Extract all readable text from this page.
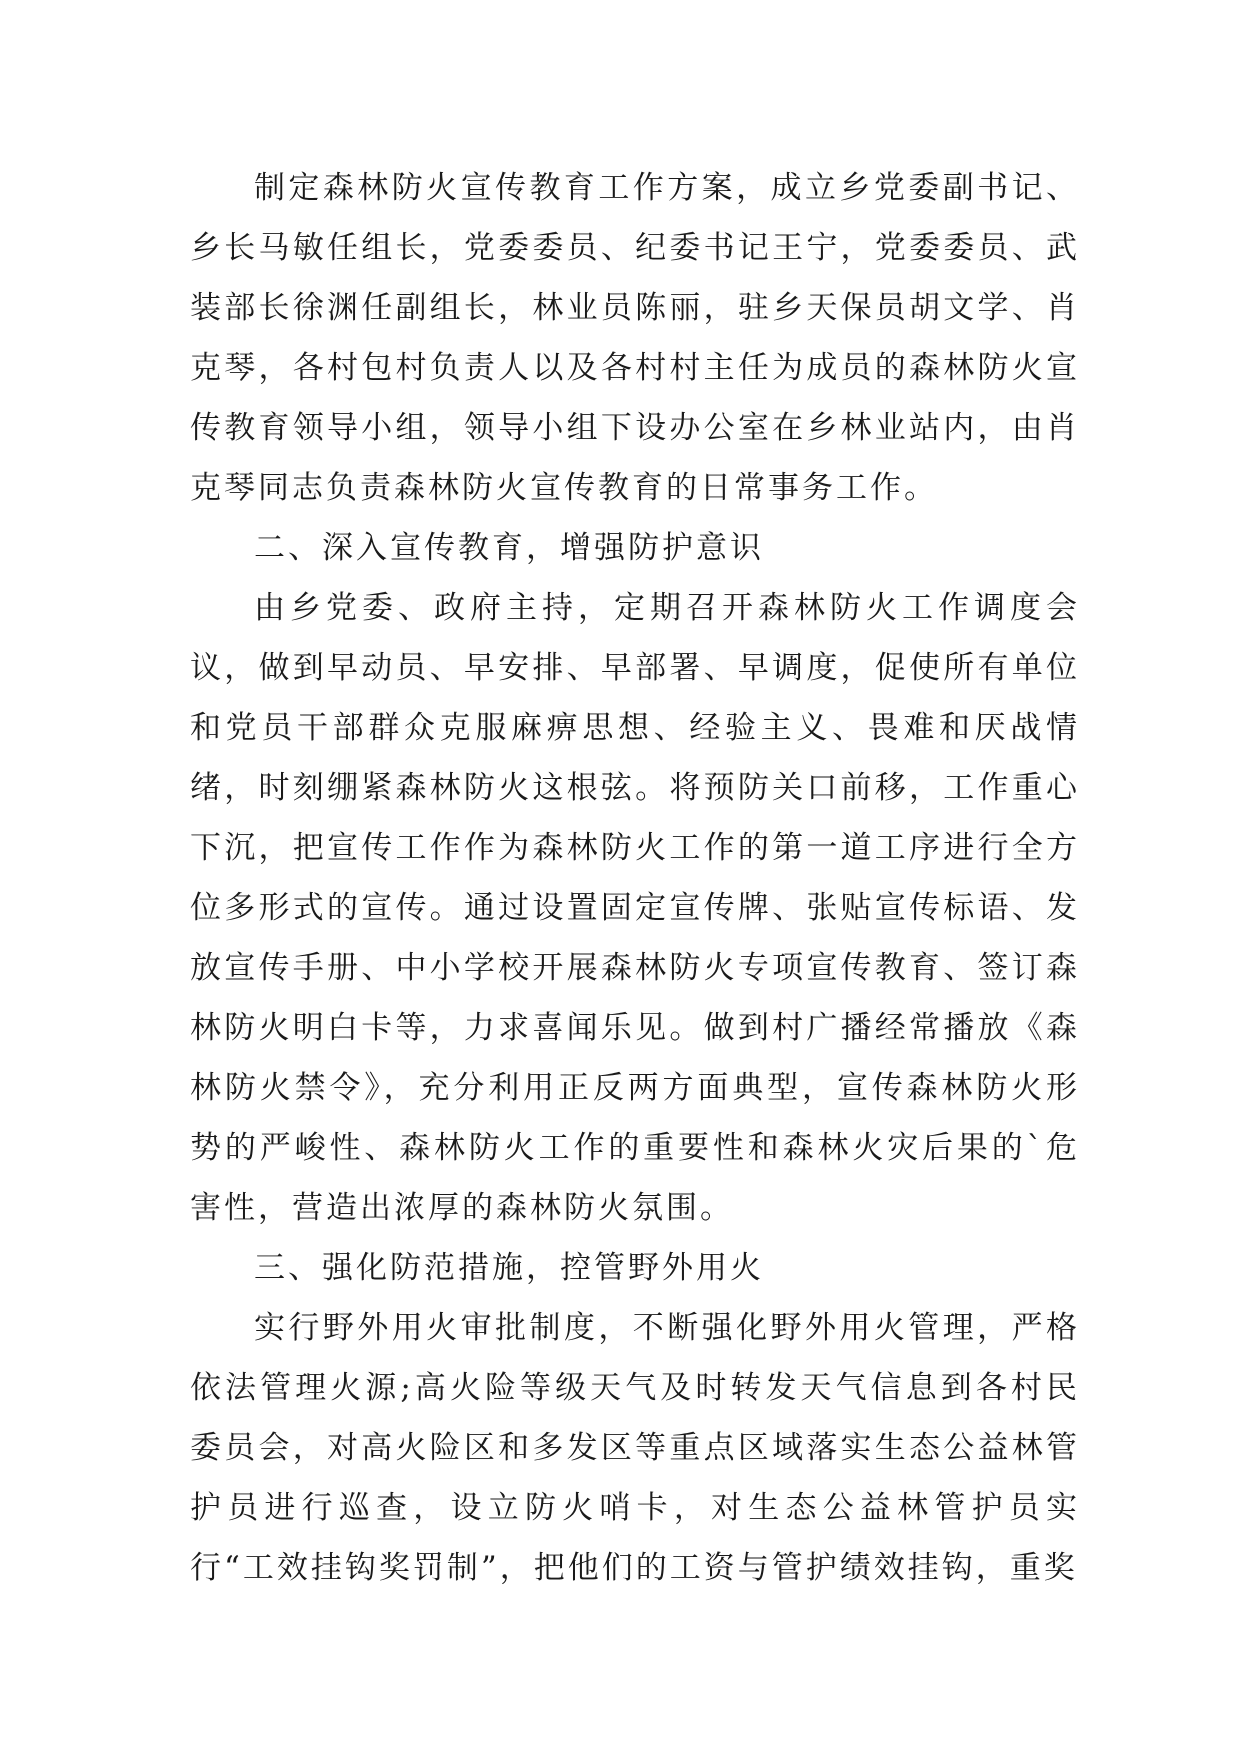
制定森林防火宣传教育工作方案，成立乡党委副书记、乡长马敏任组长，党委委员、纪委书记王宁，党委委员、武装部长徐渊任副组长，林业员陈丽，驻乡天保员胡文学、肖克琴，各村包村负责人以及各村村主任为成员的森林防火宣传教育领导小组，领导小组下设办公室在乡林业站内，由肖克琴同志负责森林防火宣传教育的日常事务工作。

二、深入宣传教育，增强防护意识

由乡党委、政府主持，定期召开森林防火工作调度会议，做到早动员、早安排、早部署、早调度，促使所有单位和党员干部群众克服麻痹思想、经验主义、畏难和厌战情绪，时刻绷紧森林防火这根弦。将预防关口前移，工作重心下沉，把宣传工作作为森林防火工作的第一道工序进行全方位多形式的宣传。通过设置固定宣传牌、张贴宣传标语、发放宣传手册、中小学校开展森林防火专项宣传教育、签订森林防火明白卡等，力求喜闻乐见。做到村广播经常播放《森林防火禁令》，充分利用正反两方面典型，宣传森林防火形势的严峻性、森林防火工作的重要性和森林火灾后果的`危害性，营造出浓厚的森林防火氛围。

三、强化防范措施，控管野外用火

实行野外用火审批制度，不断强化野外用火管理，严格依法管理火源;高火险等级天气及时转发天气信息到各村民委员会，对高火险区和多发区等重点区域落实生态公益林管护员进行巡查，设立防火哨卡，对生态公益林管护员实行“工效挂钩奖罚制”，把他们的工资与管护绩效挂钩，重奖
